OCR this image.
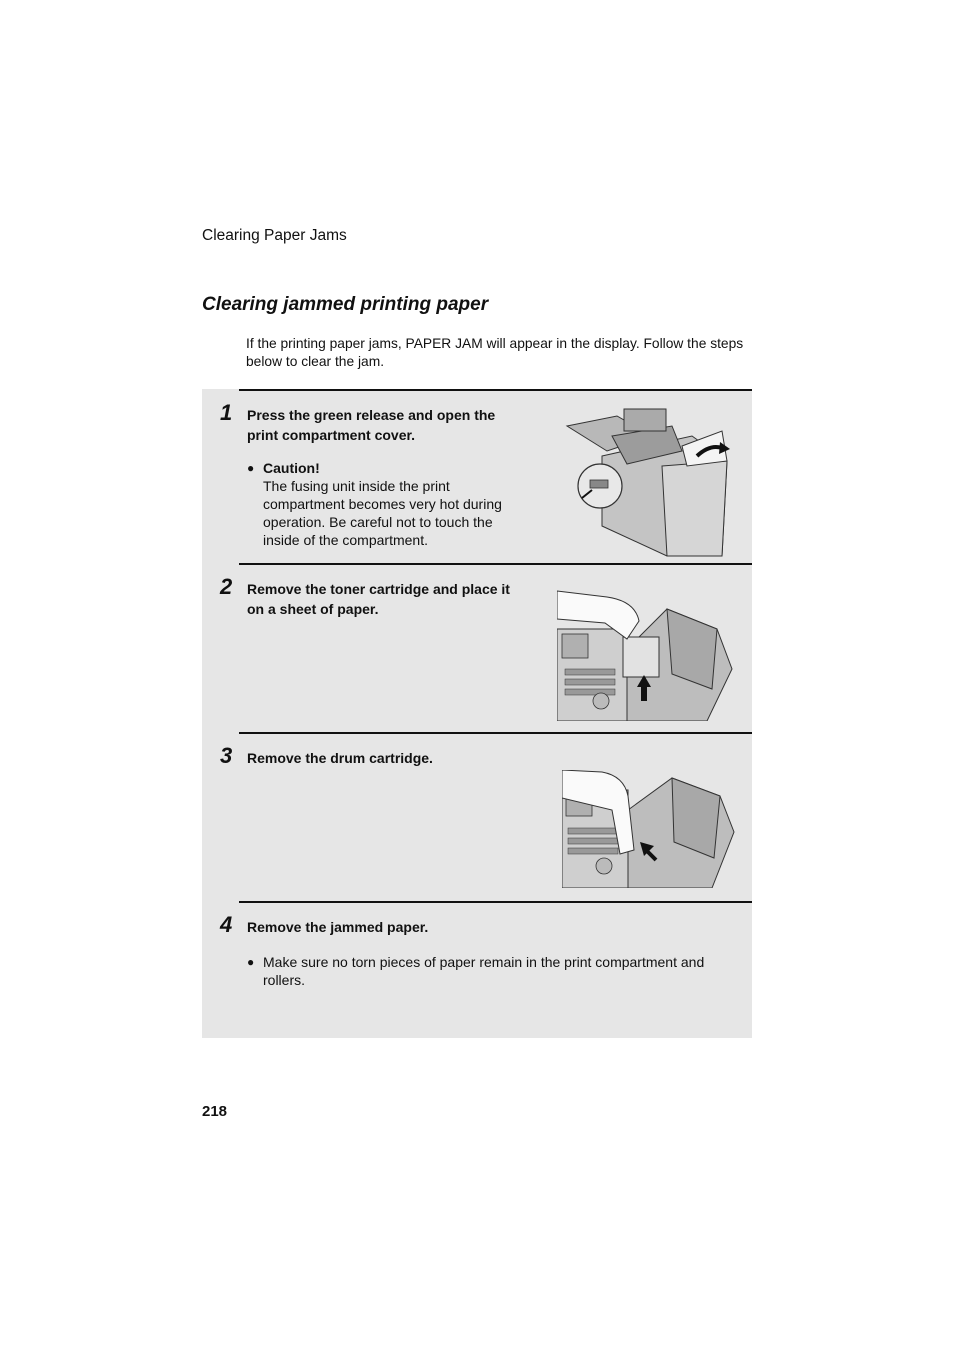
Clearing Paper Jams
Clearing jammed printing paper

If the printing paper jams, PAPER JAM will appear in the display. Follow the steps below to clear the jam.

1 Press the green release and open the print compartment cover.

● Caution!
The fusing unit inside the print compartment becomes very hot during operation. Be careful not to touch the inside of the compartment.
2 Remove the toner cartridge and place it on a sheet of paper.

3 Remove the drum cartridge.

4 Remove the jammed paper.

● Make sure no torn pieces of paper remain in the print compartment and rollers.
218
